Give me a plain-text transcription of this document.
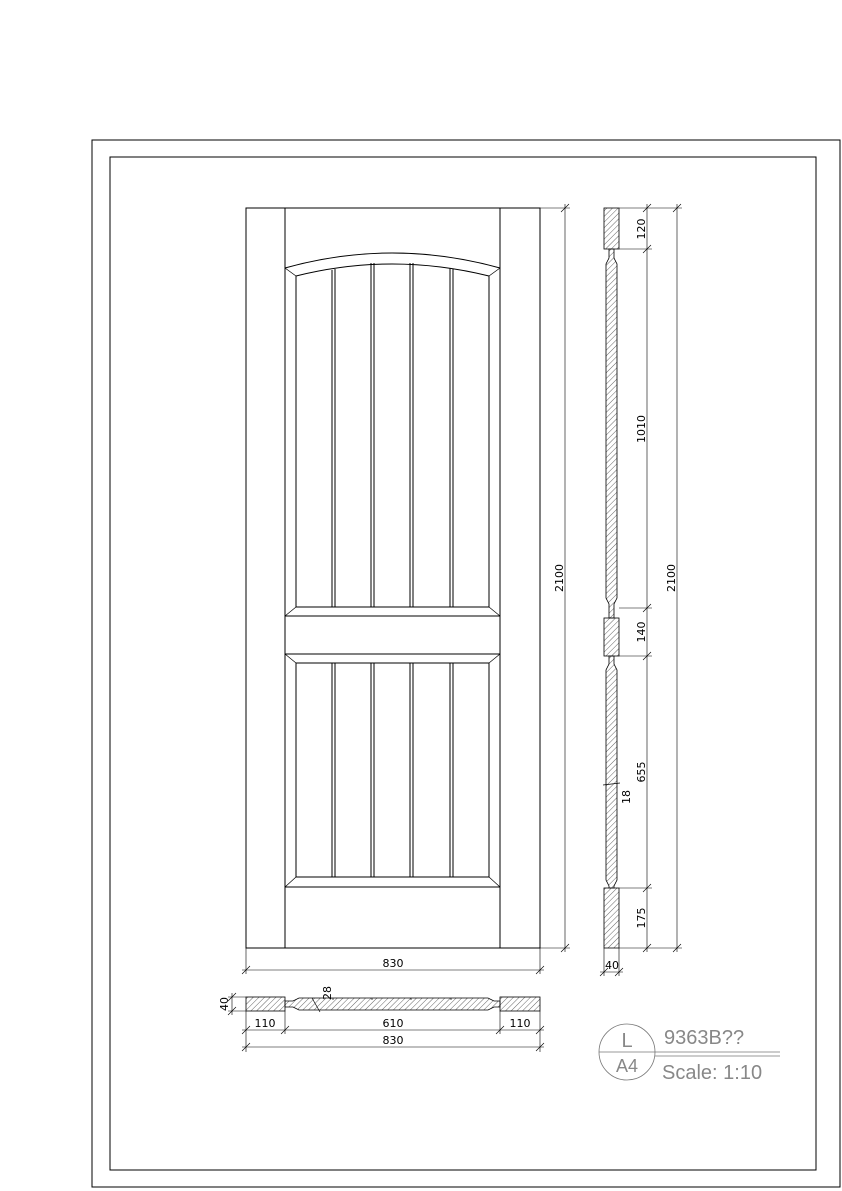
2100
830	40
18
120
1010
140
655
175
2100
40
28
110	610	110
830	L
A4
9363B??
Scale: 1:10
